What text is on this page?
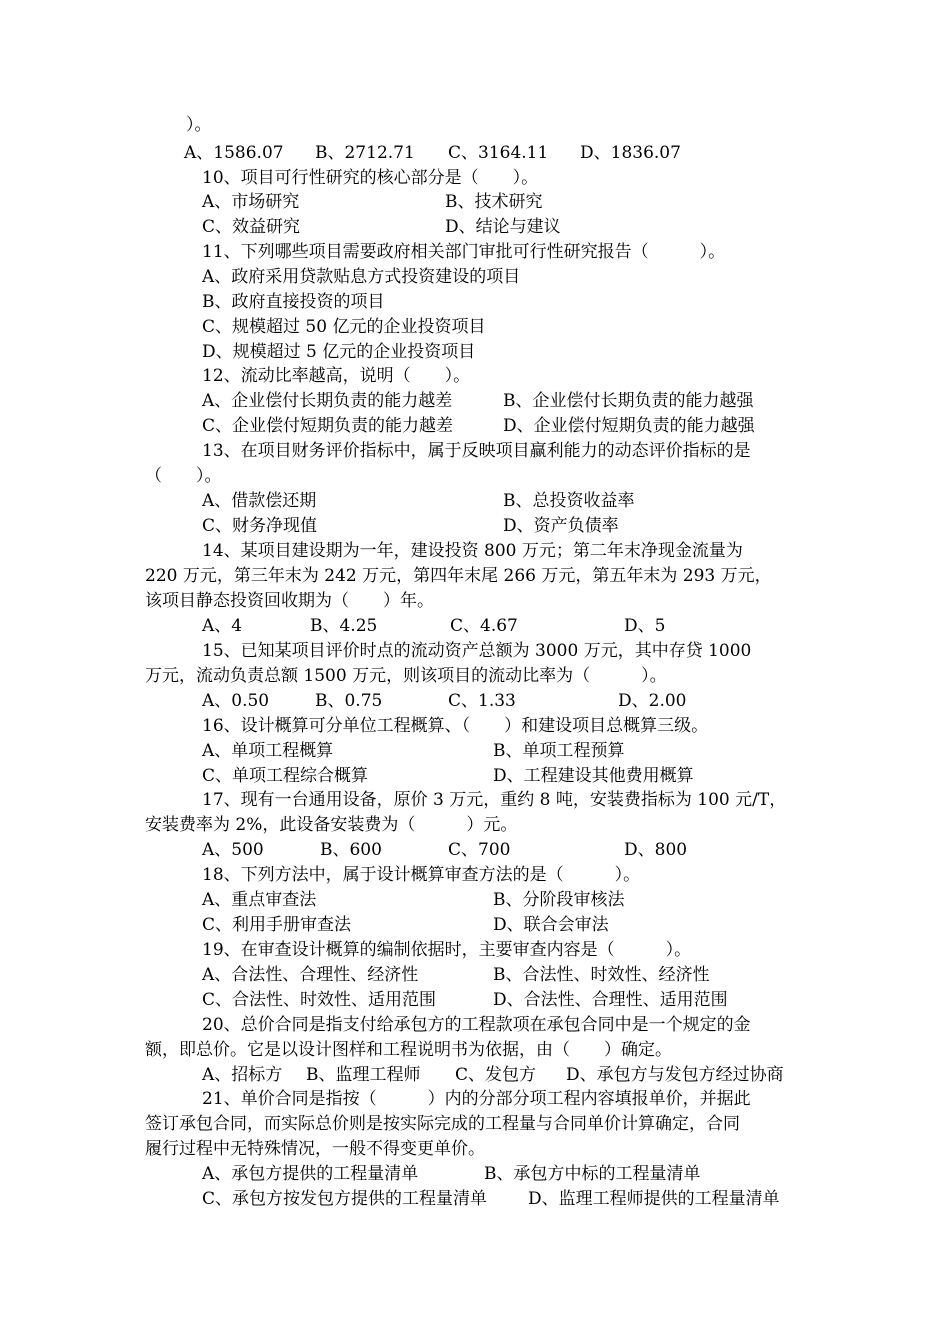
）。
A、1586.07 B、2712.71 C、3164.11 D、1836.07
10、项目可行性研究的核心部分是（　　）。
A、市场研究	B、技术研究
C、效益研究	D、结论与建议
11、下列哪些项目需要政府相关部门审批可行性研究报告（　　　）。
A、政府采用贷款贴息方式投资建设的项目
B、政府直接投资的项目
C、规模超过 50 亿元的企业投资项目
D、规模超过 5 亿元的企业投资项目
12、流动比率越高，说明（　　）。
A、企业偿付长期负责的能力越差	B、企业偿付长期负责的能力越强
C、企业偿付短期负责的能力越差	D、企业偿付短期负责的能力越强
13、在项目财务评价指标中，属于反映项目赢利能力的动态评价指标的是
（　　）。
A、借款偿还期	B、总投资收益率
C、财务净现值	D、资产负债率
14、某项目建设期为一年，建设投资 800 万元；第二年末净现金流量为
220 万元，第三年末为 242 万元，第四年末尾 266 万元，第五年末为 293 万元，
该项目静态投资回收期为（　　）年。
A、4	B、4.25	C、4.67	D、5
15、已知某项目评价时点的流动资产总额为 3000 万元，其中存贷 1000
万元，流动负责总额 1500 万元，则该项目的流动比率为（　　　）。
A、0.50	B、0.75	C、1.33	D、2.00
16、设计概算可分单位工程概算、（　　）和建设项目总概算三级。
A、单项工程概算	B、单项工程预算
C、单项工程综合概算	D、工程建设其他费用概算
17、现有一台通用设备，原价 3 万元，重约 8 吨，安装费指标为 100 元/T，
安装费率为 2%，此设备安装费为（　　　）元。
A、500	B、600	C、700	D、800
18、下列方法中，属于设计概算审查方法的是（　　　）。
A、重点审查法	B、分阶段审核法
C、利用手册审查法	D、联合会审法
19、在审查设计概算的编制依据时，主要审查内容是（　　　）。
A、合法性、合理性、经济性	B、合法性、时效性、经济性
C、合法性、时效性、适用范围	D、合法性、合理性、适用范围
20、总价合同是指支付给承包方的工程款项在承包合同中是一个规定的金
额，即总价。它是以设计图样和工程说明书为依据，由（　　）确定。
A、招标方 B、监理工程师 C、发包方 D、承包方与发包方经过协商
21、单价合同是指按（　　　）内的分部分项工程内容填报单价，并据此
签订承包合同，而实际总价则是按实际完成的工程量与合同单价计算确定，合同
履行过程中无特殊情况，一般不得变更单价。
A、承包方提供的工程量清单	B、承包方中标的工程量清单
C、承包方按发包方提供的工程量清单 D、监理工程师提供的工程量清单
